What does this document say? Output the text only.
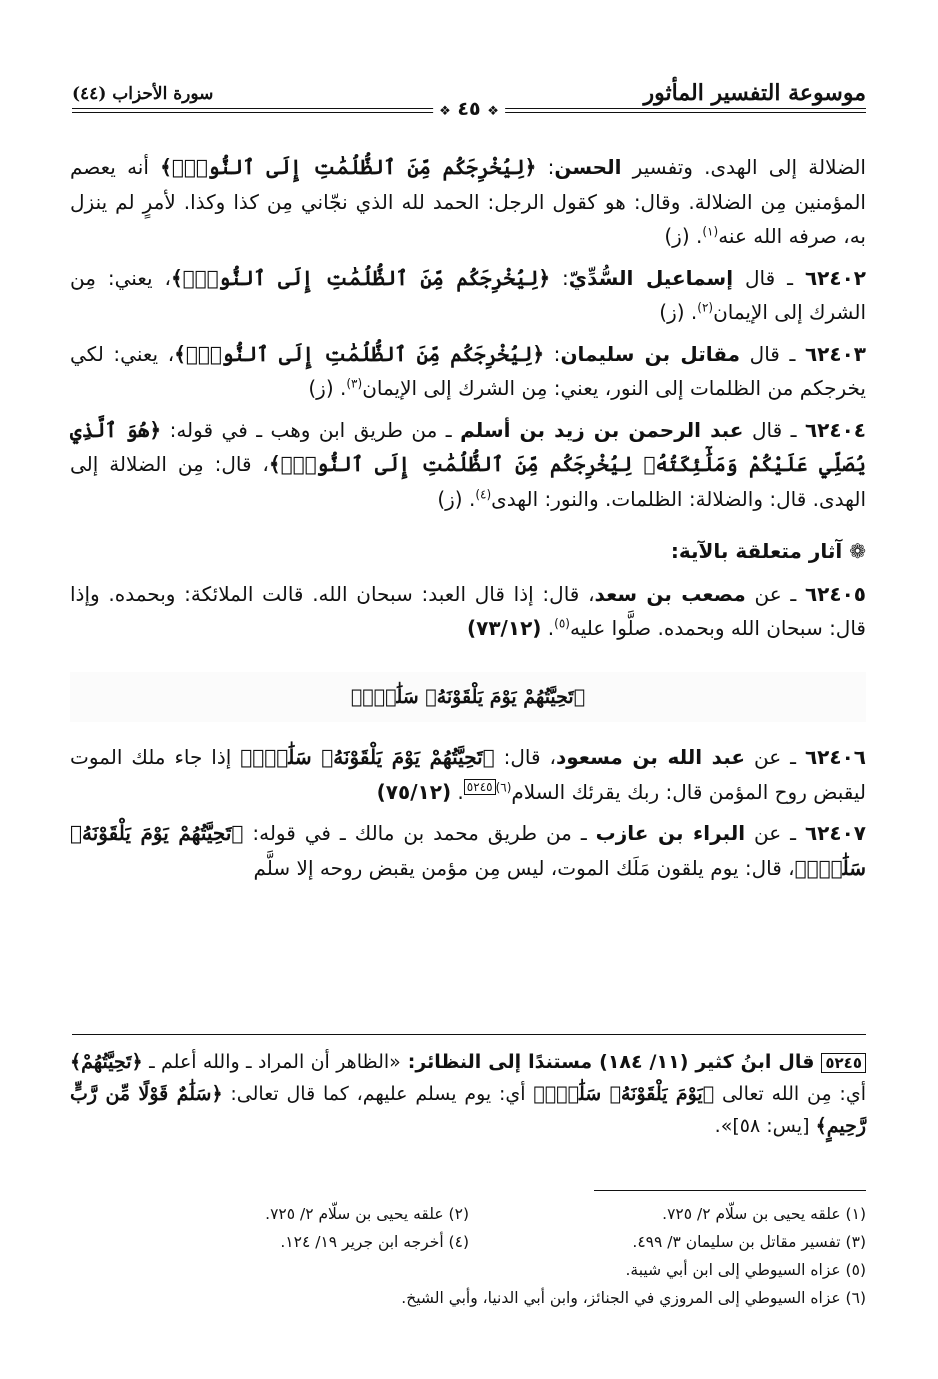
موسوعة التفسير المأثور
سورة الأحزاب (٤٤)
❖ ٤٥ ❖

الضلالة إلى الهدى. وتفسير الحسن: ﴿لِيُخْرِجَكُم مِّنَ ٱلظُّلُمَٰتِ إِلَى ٱلنُّورِۚ﴾ أنه يعصم المؤمنين مِن الضلالة. وقال: هو كقول الرجل: الحمد لله الذي نجّاني مِن كذا وكذا. لأمرٍ لم ينزل به، صرفه الله عنه$^{(١)}$. (ز)

٦٢٤٠٢ ـ قال إسماعيل السُّدِّيّ: ﴿لِيُخْرِجَكُم مِّنَ ٱلظُّلُمَٰتِ إِلَى ٱلنُّورِۚ﴾، يعني: مِن الشرك إلى الإيمان$^{(٢)}$. (ز)

٦٢٤٠٣ ـ قال مقاتل بن سليمان: ﴿لِيُخْرِجَكُم مِّنَ ٱلظُّلُمَٰتِ إِلَى ٱلنُّورِۚ﴾، يعني: لكي يخرجكم من الظلمات إلى النور، يعني: مِن الشرك إلى الإيمان$^{(٣)}$. (ز)

٦٢٤٠٤ ـ قال عبد الرحمن بن زيد بن أسلم ـ من طريق ابن وهب ـ في قوله: ﴿هُوَ ٱلَّذِي يُصَلِّي عَلَيْكُمْ وَمَلَٰٓئِكَتُهُۥ لِيُخْرِجَكُم مِّنَ ٱلظُّلُمَٰتِ إِلَى ٱلنُّورِۚ﴾، قال: مِن الضلالة إلى الهدى. قال: والضلالة: الظلمات. والنور: الهدى$^{(٤)}$. (ز)

❁ آثار متعلقة بالآية:

٦٢٤٠٥ ـ عن مصعب بن سعد، قال: إذا قال العبد: سبحان الله. قالت الملائكة: وبحمده. وإذا قال: سبحان الله وبحمده. صلَّوا عليه$^{(٥)}$. (٧٣/١٢)

﴿تَحِيَّتُهُمْ يَوْمَ يَلْقَوْنَهُۥ سَلَٰمٌۚ﴾

٦٢٤٠٦ ـ عن عبد الله بن مسعود، قال: ﴿تَحِيَّتُهُمْ يَوْمَ يَلْقَوْنَهُۥ سَلَٰمٌۚ﴾ إذا جاء ملك الموت ليقبض روح المؤمن قال: ربك يقرئك السلام$^{(٦)}$٥٢٤٥. (٧٥/١٢)

٦٢٤٠٧ ـ عن البراء بن عازب ـ من طريق محمد بن مالك ـ في قوله: ﴿تَحِيَّتُهُمْ يَوْمَ يَلْقَوْنَهُۥ سَلَٰمٌۚ﴾، قال: يوم يلقون مَلَك الموت، ليس مِن مؤمن يقبض روحه إلا سلَّم

٥٢٤٥ قال ابنُ كثير (١١/ ١٨٤) مستندًا إلى النظائر: «الظاهر أن المراد ـ والله أعلم ـ ﴿تَحِيَّتُهُمْ﴾ أي: مِن الله تعالى ﴿يَوْمَ يَلْقَوْنَهُۥ سَلَٰمٌۚ﴾ أي: يوم يسلم عليهم، كما قال تعالى: ﴿سَلَٰمٌ قَوْلًا مِّن رَّبٍّ رَّحِيمٍ﴾ [يس: ٥٨]».
(١) علقه يحيى بن سلّام ٢/ ٧٢٥.
(٢) علقه يحيى بن سلّام ٢/ ٧٢٥.
(٣) تفسير مقاتل بن سليمان ٣/ ٤٩٩.
(٤) أخرجه ابن جرير ١٩/ ١٢٤.
(٥) عزاه السيوطي إلى ابن أبي شيبة.
(٦) عزاه السيوطي إلى المروزي في الجنائز، وابن أبي الدنيا، وأبي الشيخ.
